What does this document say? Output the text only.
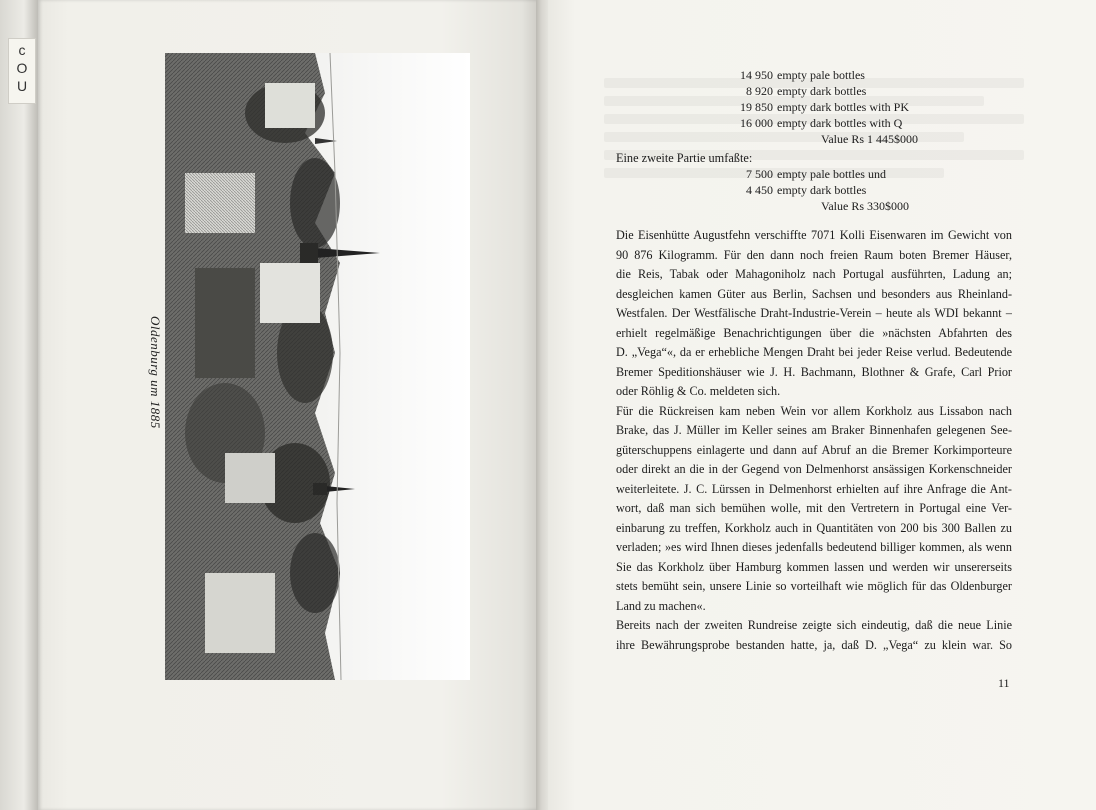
c
O
U
Oldenburg um 1885
14 950 empty pale bottles
8 920 empty dark bottles
19 850 empty dark bottles with PK
16 000 empty dark bottles with Q
Value Rs 1 445$000
Eine zweite Partie umfaßte:
7 500 empty pale bottles und
4 450 empty dark bottles
Value Rs 330$000
Die Eisenhütte Augustfehn verschiffte 7071 Kolli Eisenwaren im Gewicht von
90 876 Kilogramm. Für den dann noch freien Raum boten Bremer Häuser,
die Reis, Tabak oder Mahagoniholz nach Portugal ausführten, Ladung an;
desgleichen kamen Güter aus Berlin, Sachsen und besonders aus Rheinland-
Westfalen. Der Westfälische Draht-Industrie-Verein – heute als WDI bekannt –
erhielt regelmäßige Benachrichtigungen über die »nächsten Abfahrten des
D. „Vega“«, da er erhebliche Mengen Draht bei jeder Reise verlud. Bedeutende
Bremer Speditionshäuser wie J. H. Bachmann, Blothner & Grafe, Carl Prior
oder Röhlig & Co. meldeten sich.
Für die Rückreisen kam neben Wein vor allem Korkholz aus Lissabon nach
Brake, das J. Müller im Keller seines am Braker Binnenhafen gelegenen See-
güterschuppens einlagerte und dann auf Abruf an die Bremer Korkimporteure
oder direkt an die in der Gegend von Delmenhorst ansässigen Korkenschneider
weiterleitete. J. C. Lürssen in Delmenhorst erhielten auf ihre Anfrage die Ant-
wort, daß man sich bemühen wolle, mit den Vertretern in Portugal eine Ver-
einbarung zu treffen, Korkholz auch in Quantitäten von 200 bis 300 Ballen zu
verladen; »es wird Ihnen dieses jedenfalls bedeutend billiger kommen, als wenn
Sie das Korkholz über Hamburg kommen lassen und werden wir unsererseits
stets bemüht sein, unsere Linie so vorteilhaft wie möglich für das Oldenburger
Land zu machen«.
Bereits nach der zweiten Rundreise zeigte sich eindeutig, daß die neue Linie
ihre Bewährungsprobe bestanden hatte, ja, daß D. „Vega“ zu klein war. So
11
